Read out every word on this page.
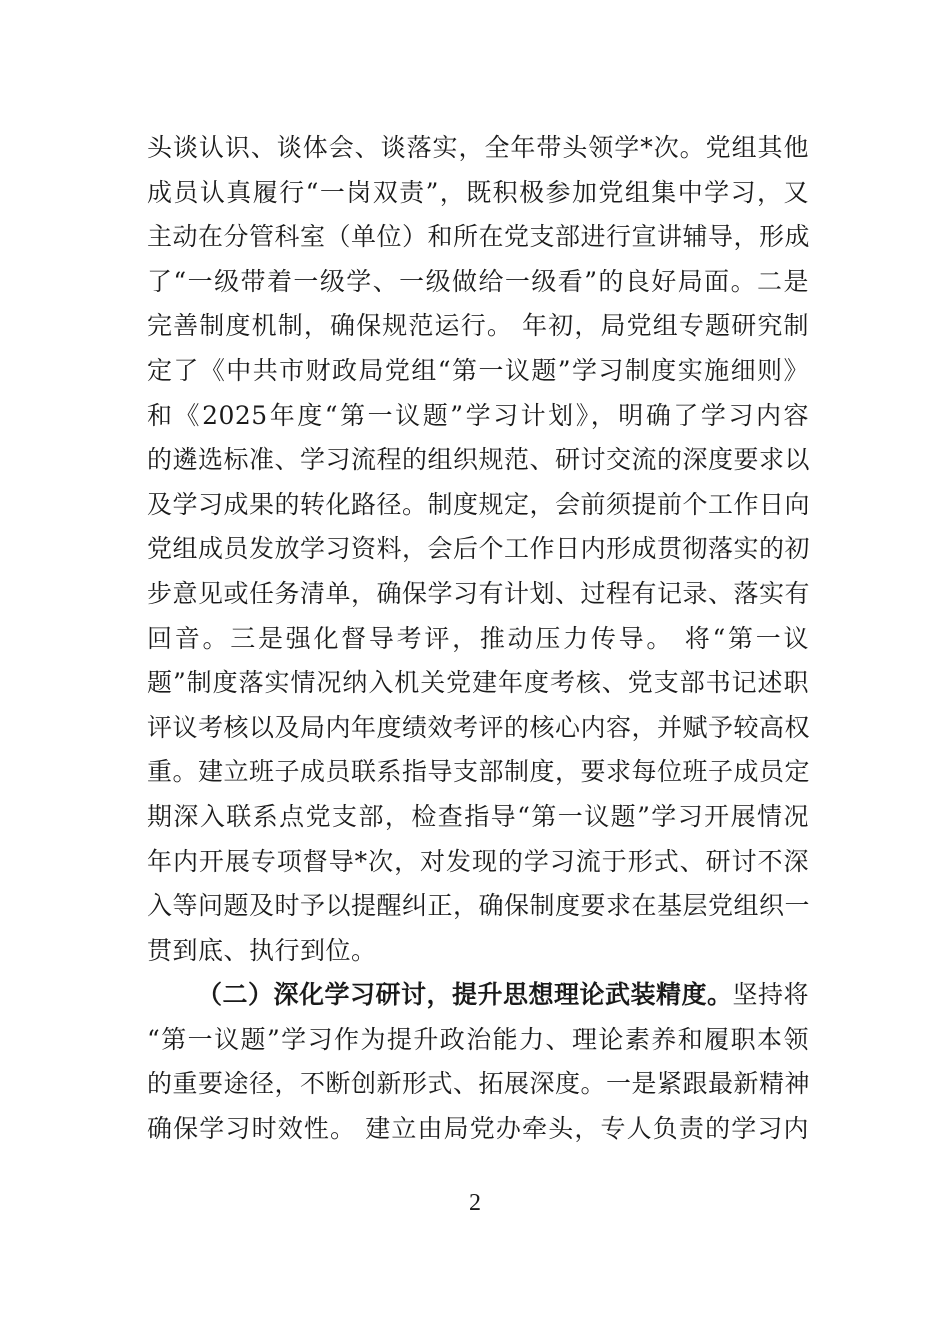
头谈认识、谈体会、谈落实，全年带头领学*次。党组其他
成员认真履行“一岗双责”，既积极参加党组集中学习，又
主动在分管科室（单位）和所在党支部进行宣讲辅导，形成
了“一级带着一级学、一级做给一级看”的良好局面。二是
完善制度机制，确保规范运行。 年初，局党组专题研究制
定了《中共市财政局党组“第一议题”学习制度实施细则》
和《2025年度“第一议题”学习计划》，明确了学习内容
的遴选标准、学习流程的组织规范、研讨交流的深度要求以
及学习成果的转化路径。制度规定，会前须提前个工作日向
党组成员发放学习资料，会后个工作日内形成贯彻落实的初
步意见或任务清单，确保学习有计划、过程有记录、落实有
回音。三是强化督导考评，推动压力传导。 将“第一议
题”制度落实情况纳入机关党建年度考核、党支部书记述职
评议考核以及局内年度绩效考评的核心内容，并赋予较高权
重。建立班子成员联系指导支部制度，要求每位班子成员定
期深入联系点党支部，检查指导“第一议题”学习开展情况
年内开展专项督导*次，对发现的学习流于形式、研讨不深
入等问题及时予以提醒纠正，确保制度要求在基层党组织一
贯到底、执行到位。
（二）深化学习研讨，提升思想理论武装精度。坚持将
“第一议题”学习作为提升政治能力、理论素养和履职本领
的重要途径，不断创新形式、拓展深度。一是紧跟最新精神
确保学习时效性。 建立由局党办牵头，专人负责的学习内
2
